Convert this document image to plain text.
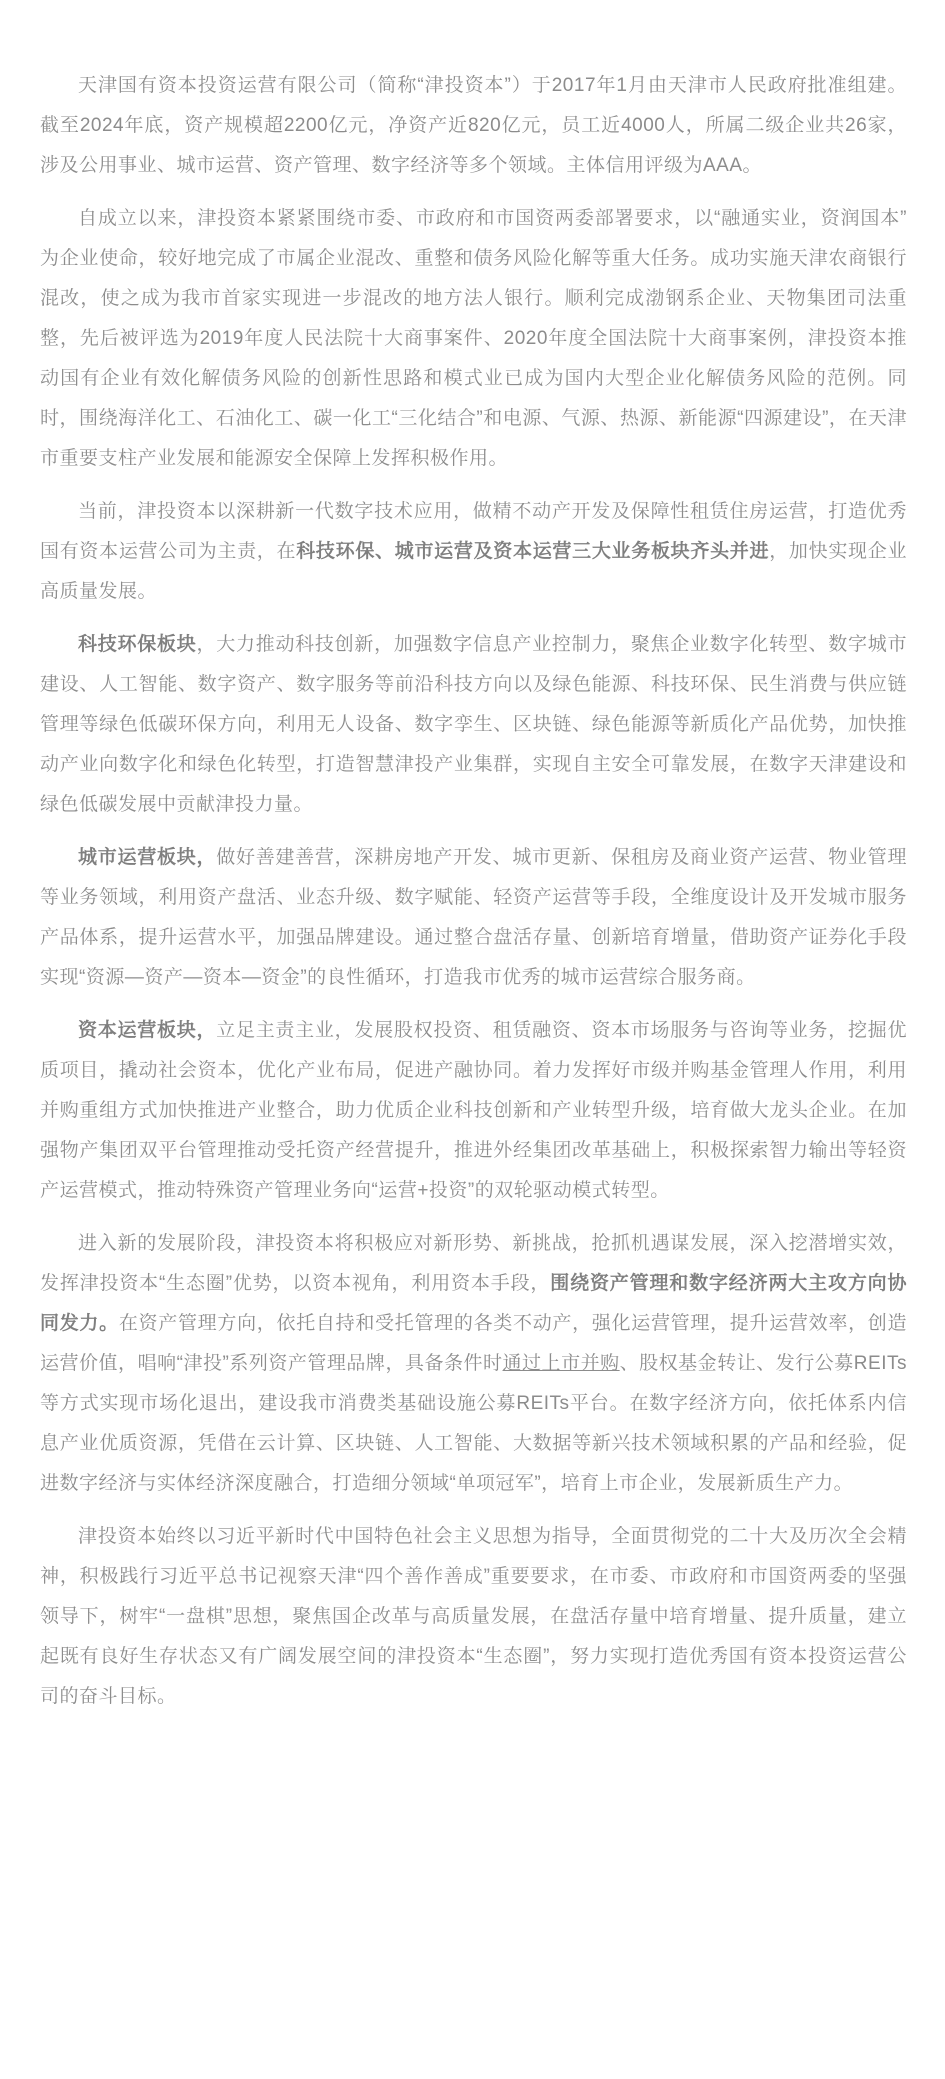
天津国有资本投资运营有限公司（简称“津投资本”）于2017年1月由天津市人民政府批准组建。截至2024年底，资产规模超2200亿元，净资产近820亿元，员工近4000人，所属二级企业共26家，涉及公用事业、城市运营、资产管理、数字经济等多个领域。主体信用评级为AAA。

自成立以来，津投资本紧紧围绕市委、市政府和市国资两委部署要求，以“融通实业，资润国本”为企业使命，较好地完成了市属企业混改、重整和债务风险化解等重大任务。成功实施天津农商银行混改，使之成为我市首家实现进一步混改的地方法人银行。顺利完成渤钢系企业、天物集团司法重整，先后被评选为2019年度人民法院十大商事案件、2020年度全国法院十大商事案例，津投资本推动国有企业有效化解债务风险的创新性思路和模式业已成为国内大型企业化解债务风险的范例。同时，围绕海洋化工、石油化工、碳一化工“三化结合”和电源、气源、热源、新能源“四源建设”，在天津市重要支柱产业发展和能源安全保障上发挥积极作用。

当前，津投资本以深耕新一代数字技术应用，做精不动产开发及保障性租赁住房运营，打造优秀国有资本运营公司为主责，在科技环保、城市运营及资本运营三大业务板块齐头并进，加快实现企业高质量发展。

科技环保板块，大力推动科技创新，加强数字信息产业控制力，聚焦企业数字化转型、数字城市建设、人工智能、数字资产、数字服务等前沿科技方向以及绿色能源、科技环保、民生消费与供应链管理等绿色低碳环保方向，利用无人设备、数字孪生、区块链、绿色能源等新质化产品优势，加快推动产业向数字化和绿色化转型，打造智慧津投产业集群，实现自主安全可靠发展，在数字天津建设和绿色低碳发展中贡献津投力量。

城市运营板块，做好善建善营，深耕房地产开发、城市更新、保租房及商业资产运营、物业管理等业务领域，利用资产盘活、业态升级、数字赋能、轻资产运营等手段，全维度设计及开发城市服务产品体系，提升运营水平，加强品牌建设。通过整合盘活存量、创新培育增量，借助资产证券化手段实现“资源—资产—资本—资金”的良性循环，打造我市优秀的城市运营综合服务商。

资本运营板块，立足主责主业，发展股权投资、租赁融资、资本市场服务与咨询等业务，挖掘优质项目，撬动社会资本，优化产业布局，促进产融协同。着力发挥好市级并购基金管理人作用，利用并购重组方式加快推进产业整合，助力优质企业科技创新和产业转型升级，培育做大龙头企业。在加强物产集团双平台管理推动受托资产经营提升，推进外经集团改革基础上，积极探索智力输出等轻资产运营模式，推动特殊资产管理业务向“运营+投资”的双轮驱动模式转型。

进入新的发展阶段，津投资本将积极应对新形势、新挑战，抢抓机遇谋发展，深入挖潜增实效，发挥津投资本“生态圈”优势，以资本视角，利用资本手段，围绕资产管理和数字经济两大主攻方向协同发力。在资产管理方向，依托自持和受托管理的各类不动产，强化运营管理，提升运营效率，创造运营价值，唱响“津投”系列资产管理品牌，具备条件时通过上市并购、股权基金转让、发行公募REITs等方式实现市场化退出，建设我市消费类基础设施公募REITs平台。在数字经济方向，依托体系内信息产业优质资源，凭借在云计算、区块链、人工智能、大数据等新兴技术领域积累的产品和经验，促进数字经济与实体经济深度融合，打造细分领域“单项冠军”，培育上市企业，发展新质生产力。

津投资本始终以习近平新时代中国特色社会主义思想为指导，全面贯彻党的二十大及历次全会精神，积极践行习近平总书记视察天津“四个善作善成”重要要求，在市委、市政府和市国资两委的坚强领导下，树牢“一盘棋”思想，聚焦国企改革与高质量发展，在盘活存量中培育增量、提升质量，建立起既有良好生存状态又有广阔发展空间的津投资本“生态圈”，努力实现打造优秀国有资本投资运营公司的奋斗目标。
